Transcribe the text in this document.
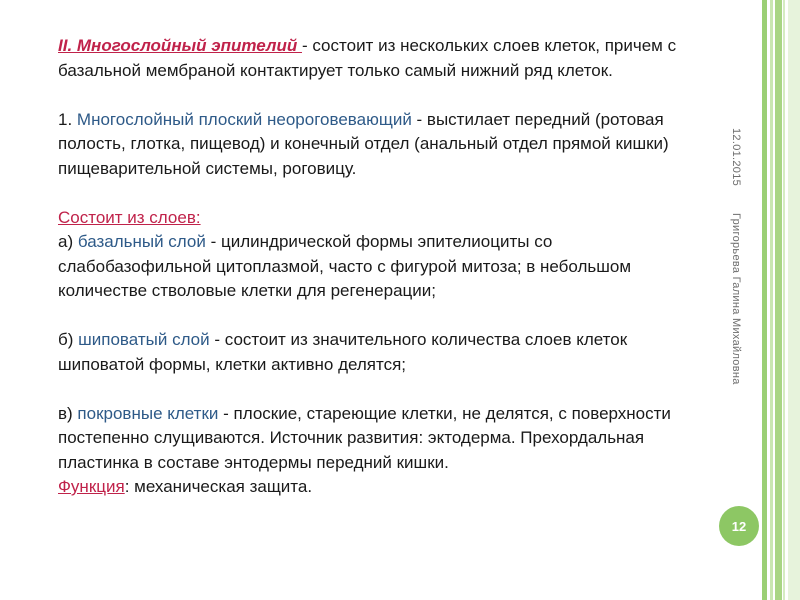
II. Многослойный эпителий - состоит из нескольких слоев клеток, причем с базальной мембраной контактирует только самый нижний ряд клеток.

1. Многослойный плоский неороговевающий - выстилает передний (ротовая полость, глотка, пищевод) и конечный отдел (анальный отдел прямой кишки) пищеварительной системы, роговицу.

Состоит из слоев:

а) базальный слой - цилиндрической формы эпителиоциты со слабобазофильной цитоплазмой, часто с фигурой митоза; в небольшом количестве стволовые клетки для регенерации;

б) шиповатый слой - состоит из значительного количества слоев клеток шиповатой формы, клетки активно делятся;

в) покровные клетки - плоские, стареющие клетки, не делятся, с поверхности постепенно слущиваются. Источник развития: эктодерма. Прехордальная пластинка в составе энтодермы передний кишки.

Функция: механическая защита.

12.01.2015
Григорьева Галина Михайловна
12
